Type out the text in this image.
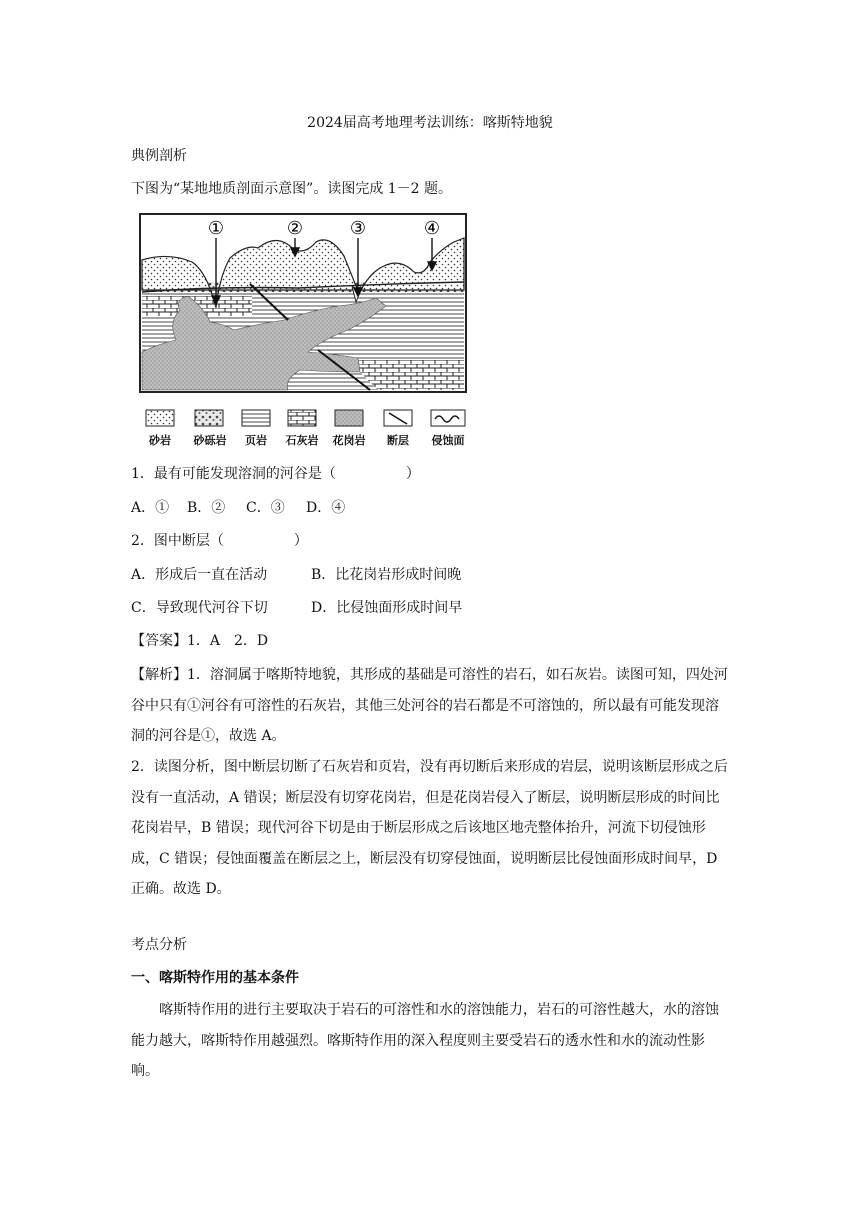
2024届高考地理考法训练：喀斯特地貌
典例剖析
下图为“某地地质剖面示意图”。读图完成 1－2 题。
①	②	③	④
砂岩 砂砾岩 页岩 石灰岩 花岗岩 断层 侵蚀面
1．最有可能发现溶洞的河谷是（　　　　　）
A．① B．② C．③ D．④
2．图中断层（　　　　　）
A．形成后一直在活动	B．比花岗岩形成时间晚
C．导致现代河谷下切	D．比侵蚀面形成时间早
【答案】1．A　2．D
【解析】1．溶洞属于喀斯特地貌，其形成的基础是可溶性的岩石，如石灰岩。读图可知，四处河谷中只有①河谷有可溶性的石灰岩，其他三处河谷的岩石都是不可溶蚀的，所以最有可能发现溶洞的河谷是①，故选 A。
2．读图分析，图中断层切断了石灰岩和页岩，没有再切断后来形成的岩层，说明该断层形成之后没有一直活动，A 错误；断层没有切穿花岗岩，但是花岗岩侵入了断层，说明断层形成的时间比花岗岩早，B 错误；现代河谷下切是由于断层形成之后该地区地壳整体抬升，河流下切侵蚀形成，C 错误；侵蚀面覆盖在断层之上，断层没有切穿侵蚀面，说明断层比侵蚀面形成时间早，D 正确。故选 D。
考点分析
一、喀斯特作用的基本条件
喀斯特作用的进行主要取决于岩石的可溶性和水的溶蚀能力，岩石的可溶性越大，水的溶蚀能力越大，喀斯特作用越强烈。喀斯特作用的深入程度则主要受岩石的透水性和水的流动性影响。
